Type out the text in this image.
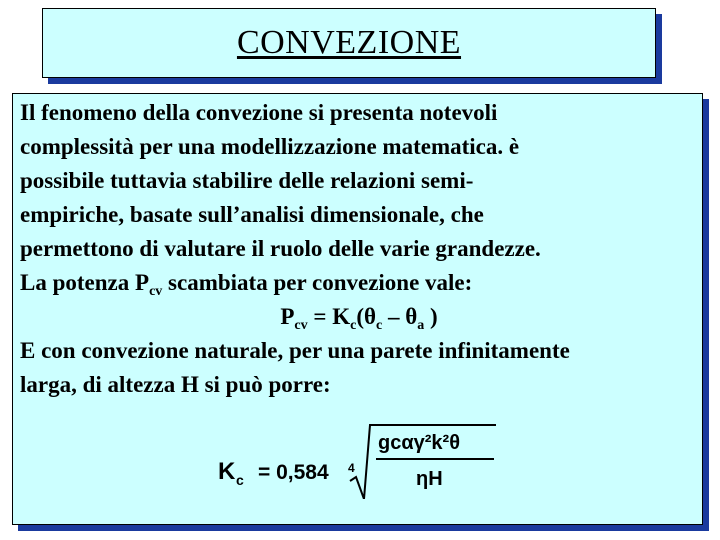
CONVEZIONE
Il fenomeno della convezione si presenta notevoli
complessità per una modellizzazione matematica. è
possibile tuttavia stabilire delle relazioni semi-
empiriche, basate sull’analisi dimensionale, che
permettono di valutare il ruolo delle varie grandezze.
La potenza $P_{cv}$ scambiata per convezione vale:
$P_{cv} = K_c(\theta_c - \theta_a$ )
E con convezione naturale, per una parete infinitamente
larga, di altezza H si può porre:
K c = 0,584 4
gcαγ²k²θ
ηH
